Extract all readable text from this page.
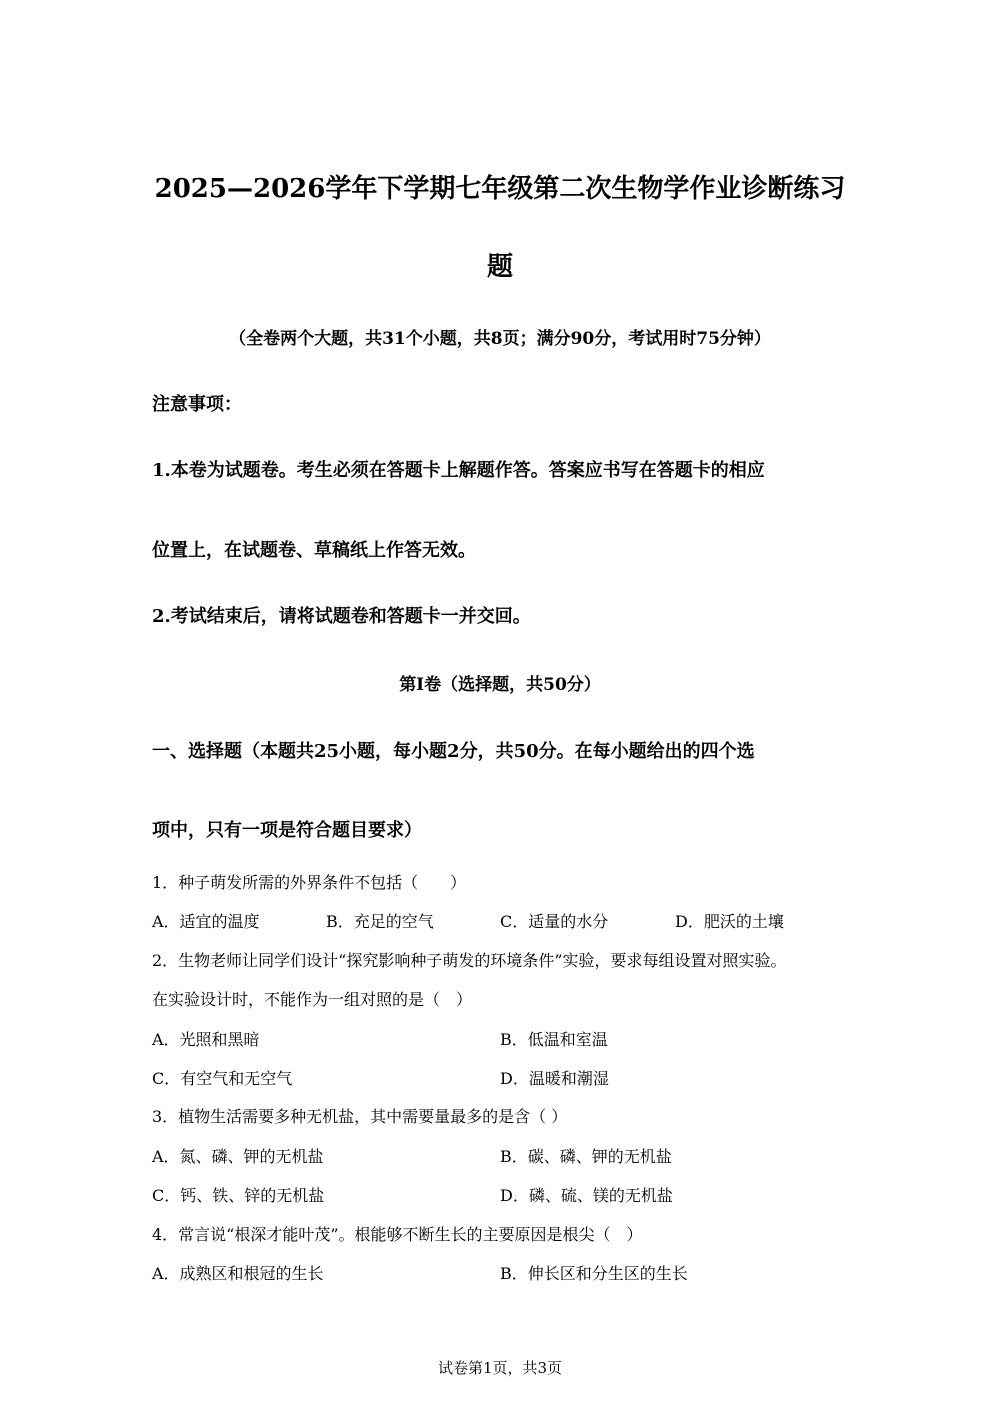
2025—2026学年下学期七年级第二次生物学作业诊断练习
题
（全卷两个大题，共31个小题，共8页；满分90分，考试用时75分钟）
注意事项：
1.本卷为试题卷。考生必须在答题卡上解题作答。答案应书写在答题卡的相应
位置上，在试题卷、草稿纸上作答无效。
2.考试结束后，请将试题卷和答题卡一并交回。
第Ⅰ卷（选择题，共50分）
一、选择题（本题共25小题，每小题2分，共50分。在每小题给出的四个选
项中，只有一项是符合题目要求）
1．种子萌发所需的外界条件不包括（　　）
A．适宜的温度	B．充足的空气	C．适量的水分	D．肥沃的土壤
2．生物老师让同学们设计“探究影响种子萌发的环境条件”实验，要求每组设置对照实验。
在实验设计时，不能作为一组对照的是（　）
A．光照和黑暗	B．低温和室温
C．有空气和无空气	D．温暖和潮湿
3．植物生活需要多种无机盐，其中需要量最多的是含（ ）
A．氮、磷、钾的无机盐	B．碳、磷、钾的无机盐
C．钙、铁、锌的无机盐	D．磷、硫、镁的无机盐
4．常言说“根深才能叶茂”。根能够不断生长的主要原因是根尖（　）
A．成熟区和根冠的生长	B．伸长区和分生区的生长
试卷第1页，共3页
